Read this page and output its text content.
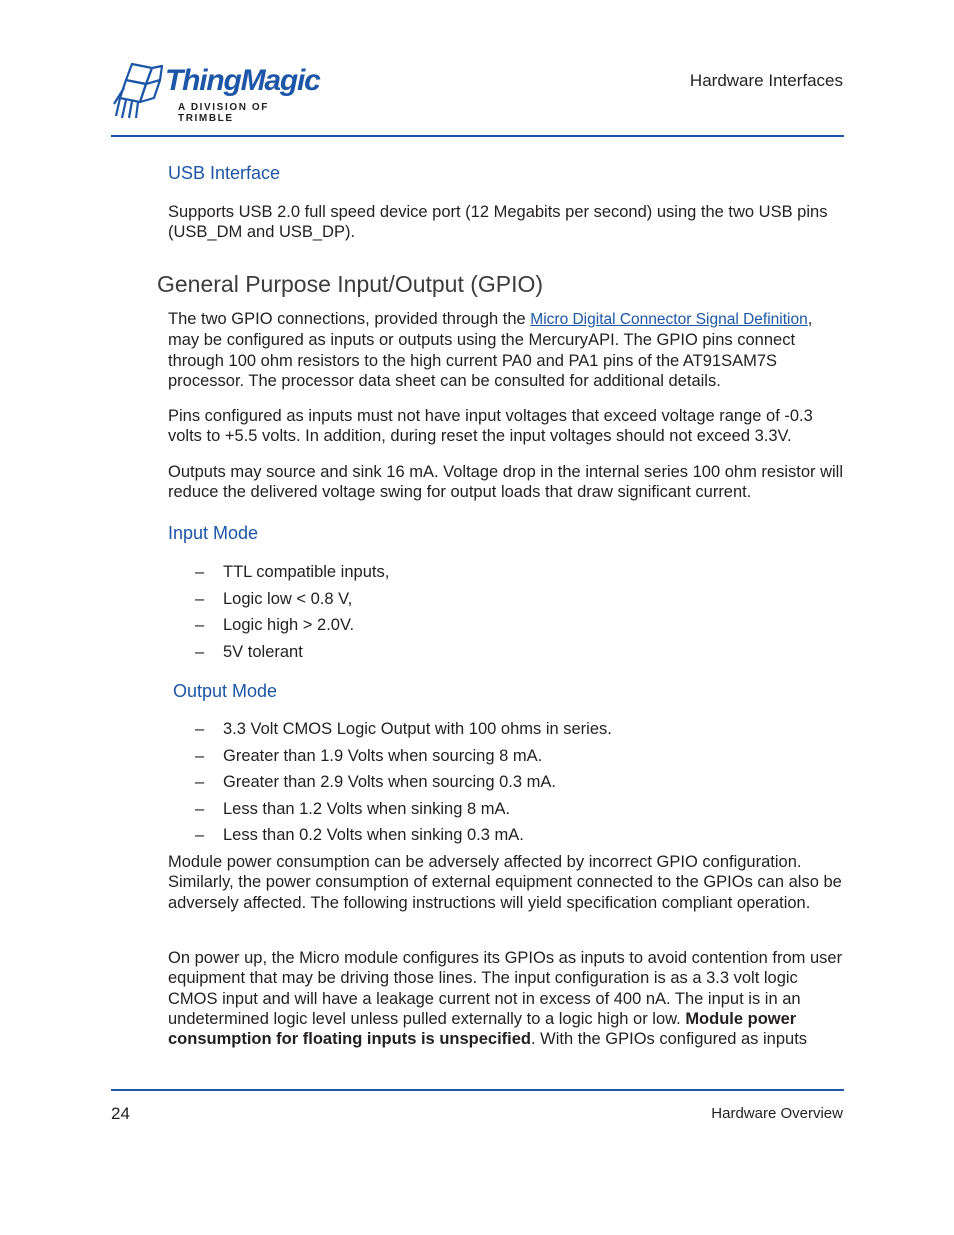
ThingMagic
A DIVISION OF TRIMBLE
Hardware Interfaces
USB Interface
Supports USB 2.0 full speed device port (12 Megabits per second) using the two USB pins (USB_DM and USB_DP).
General Purpose Input/Output (GPIO)
The two GPIO connections, provided through the Micro Digital Connector Signal Definition, may be configured as inputs or outputs using the MercuryAPI. The GPIO pins connect through 100 ohm resistors to the high current PA0 and PA1 pins of the AT91SAM7S processor. The processor data sheet can be consulted for additional details.
Pins configured as inputs must not have input voltages that exceed voltage range of -0.3 volts to +5.5 volts. In addition, during reset the input voltages should not exceed 3.3V.
Outputs may source and sink 16 mA. Voltage drop in the internal series 100 ohm resistor will reduce the delivered voltage swing for output loads that draw significant current.
Input Mode
– TTL compatible inputs,
– Logic low < 0.8 V,
– Logic high > 2.0V.
– 5V tolerant
Output Mode
– 3.3 Volt CMOS Logic Output with 100 ohms in series.
– Greater than 1.9 Volts when sourcing 8 mA.
– Greater than 2.9 Volts when sourcing 0.3 mA.
– Less than 1.2 Volts when sinking 8 mA.
– Less than 0.2 Volts when sinking 0.3 mA.
Module power consumption can be adversely affected by incorrect GPIO configuration. Similarly, the power consumption of external equipment connected to the GPIOs can also be adversely affected. The following instructions will yield specification compliant operation.
On power up, the Micro module configures its GPIOs as inputs to avoid contention from user equipment that may be driving those lines. The input configuration is as a 3.3 volt logic CMOS input and will have a leakage current not in excess of 400 nA. The input is in an undetermined logic level unless pulled externally to a logic high or low. Module power consumption for floating inputs is unspecified. With the GPIOs configured as inputs
24	Hardware Overview
